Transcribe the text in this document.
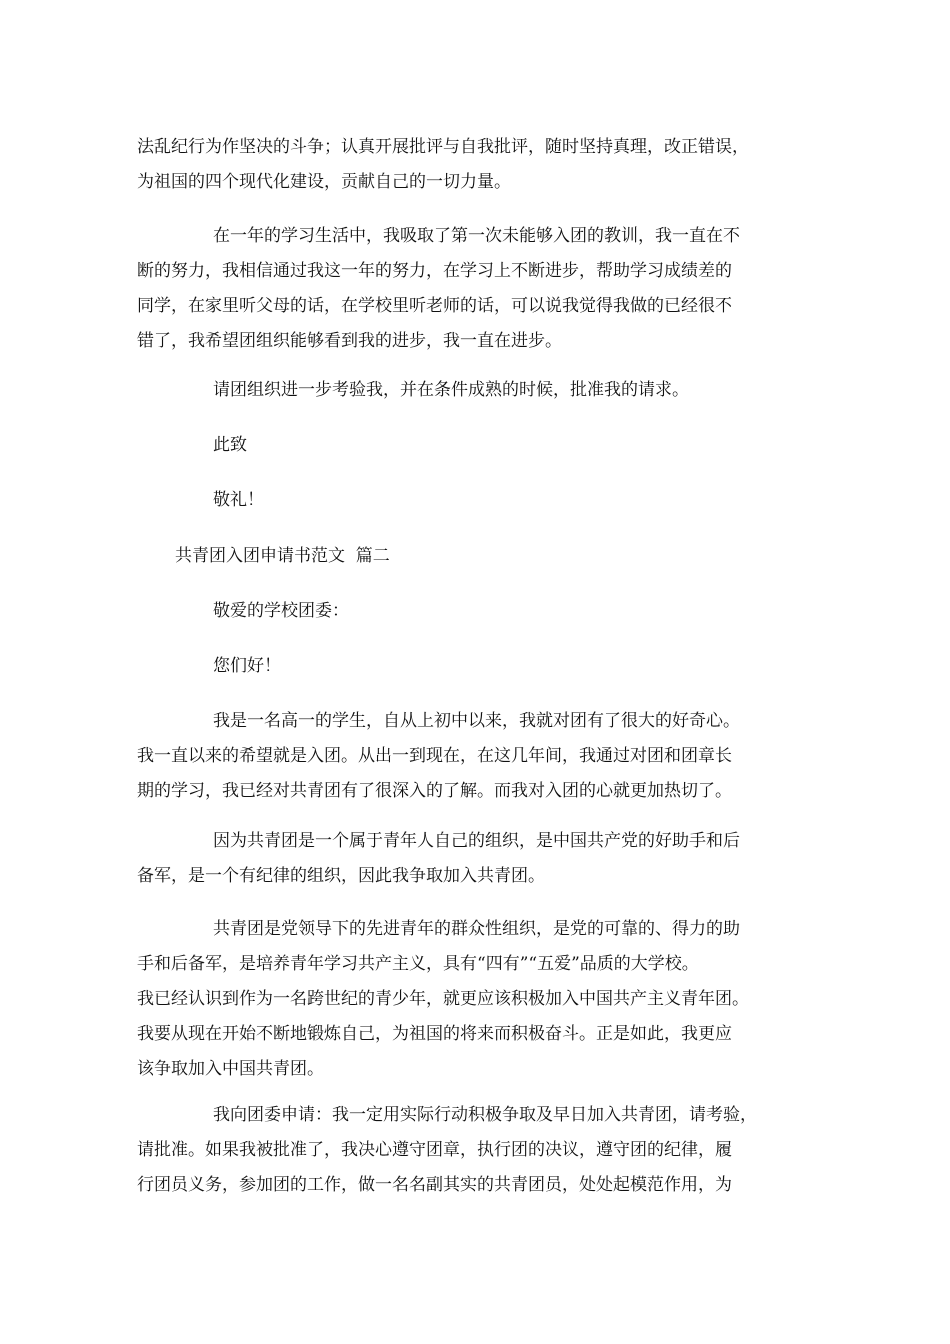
法乱纪行为作坚决的斗争；认真开展批评与自我批评，随时坚持真理，改正错误，
为祖国的四个现代化建设，贡献自己的一切力量。
在一年的学习生活中，我吸取了第一次未能够入团的教训，我一直在不
断的努力，我相信通过我这一年的努力，在学习上不断进步，帮助学习成绩差的
同学，在家里听父母的话，在学校里听老师的话，可以说我觉得我做的已经很不
错了，我希望团组织能够看到我的进步，我一直在进步。
请团组织进一步考验我，并在条件成熟的时候，批准我的请求。
此致
敬礼！
共青团入团申请书范文  篇二
敬爱的学校团委：
您们好！
我是一名高一的学生，自从上初中以来，我就对团有了很大的好奇心。
我一直以来的希望就是入团。从出一到现在，在这几年间，我通过对团和团章长
期的学习，我已经对共青团有了很深入的了解。而我对入团的心就更加热切了。
因为共青团是一个属于青年人自己的组织，是中国共产党的好助手和后
备军，是一个有纪律的组织，因此我争取加入共青团。
共青团是党领导下的先进青年的群众性组织，是党的可靠的、得力的助
手和后备军，是培养青年学习共产主义，具有“四有”“五爱”品质的大学校。
我已经认识到作为一名跨世纪的青少年，就更应该积极加入中国共产主义青年团。
我要从现在开始不断地锻炼自己，为祖国的将来而积极奋斗。正是如此，我更应
该争取加入中国共青团。
我向团委申请：我一定用实际行动积极争取及早日加入共青团，请考验，
请批准。如果我被批准了，我决心遵守团章，执行团的决议，遵守团的纪律，履
行团员义务，参加团的工作，做一名名副其实的共青团员，处处起模范作用，为
